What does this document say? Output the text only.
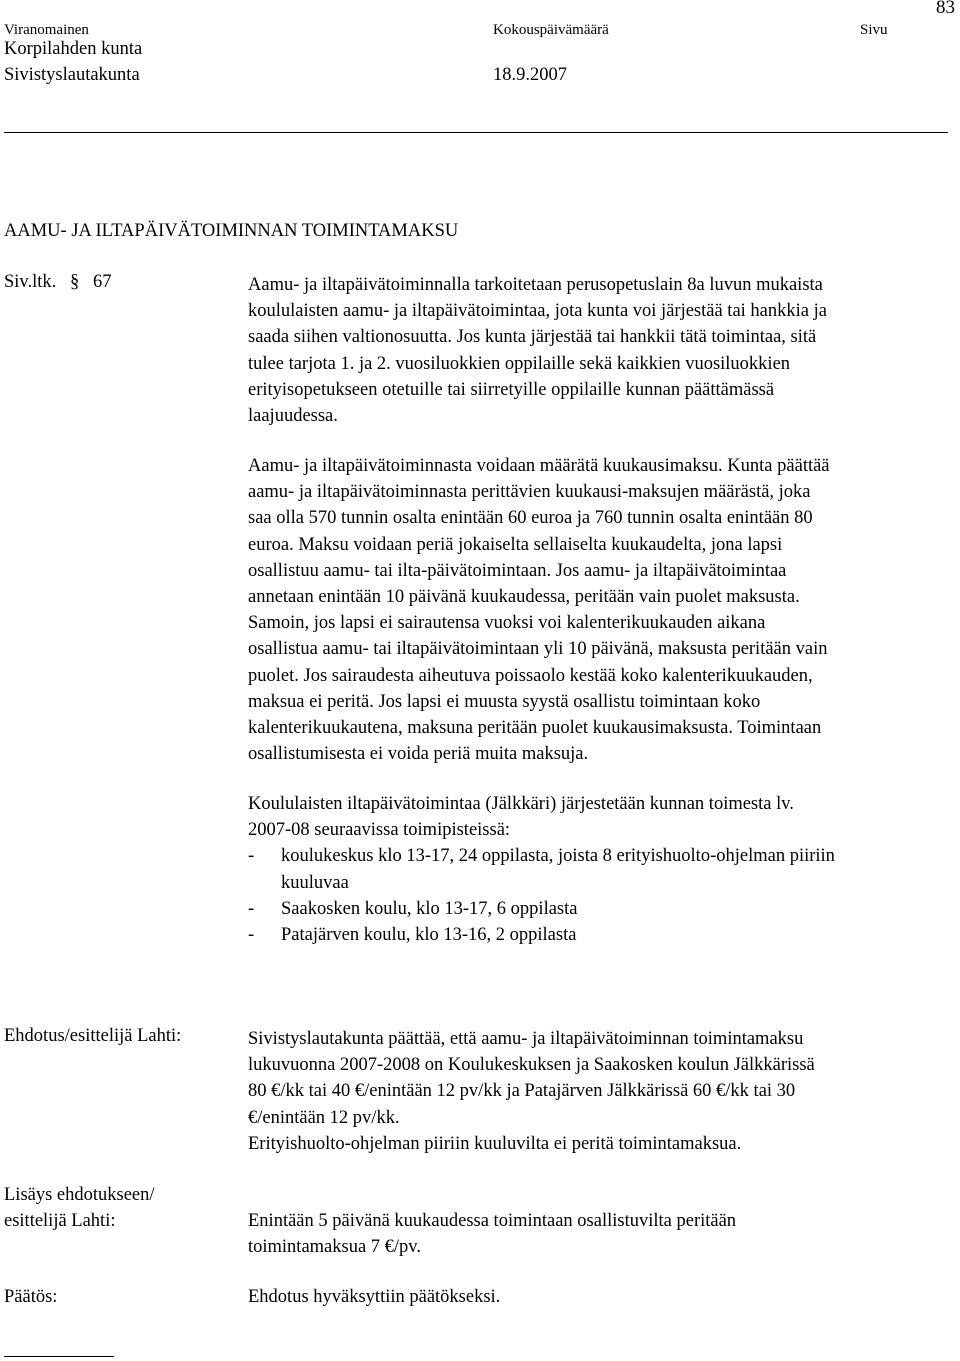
83
Viranomainen	Kokouspäivämäärä	Sivu
Korpilahden kunta
Sivistyslautakunta	18.9.2007
AAMU- JA ILTAPÄIVÄTOIMINNAN TOIMINTAMAKSU
Siv.ltk. § 67	Aamu- ja iltapäivätoiminnalla tarkoitetaan perusopetuslain 8a luvun mukaista
koululaisten aamu- ja iltapäivätoimintaa, jota kunta voi järjestää tai hankkia ja
saada siihen valtionosuutta. Jos kunta järjestää tai hankkii tätä toimintaa, sitä
tulee tarjota 1. ja 2. vuosiluokkien oppilaille sekä kaikkien vuosiluokkien
erityisopetukseen otetuille tai siirretyille oppilaille kunnan päättämässä
laajuudessa.
Aamu- ja iltapäivätoiminnasta voidaan määrätä kuukausimaksu. Kunta päättää
aamu- ja iltapäivätoiminnasta perittävien kuukausi-maksujen määrästä, joka
saa olla 570 tunnin osalta enintään 60 euroa ja 760 tunnin osalta enintään 80
euroa. Maksu voidaan periä jokaiselta sellaiselta kuukaudelta, jona lapsi
osallistuu aamu- tai ilta-päivätoimintaan. Jos aamu- ja iltapäivätoimintaa
annetaan enintään 10 päivänä kuukaudessa, peritään vain puolet maksusta.
Samoin, jos lapsi ei sairautensa vuoksi voi kalenterikuukauden aikana
osallistua aamu- tai iltapäivätoimintaan yli 10 päivänä, maksusta peritään vain
puolet. Jos sairaudesta aiheutuva poissaolo kestää koko kalenterikuukauden,
maksua ei peritä. Jos lapsi ei muusta syystä osallistu toimintaan koko
kalenterikuukautena, maksuna peritään puolet kuukausimaksusta. Toimintaan
osallistumisesta ei voida periä muita maksuja.
Koululaisten iltapäivätoimintaa (Jälkkäri) järjestetään kunnan toimesta lv.
2007-08 seuraavissa toimipisteissä:
- koulukeskus klo 13-17, 24 oppilasta, joista 8 erityishuolto-ohjelman piiriin
kuuluvaa
- Saakosken koulu, klo 13-17, 6 oppilasta
- Patajärven koulu, klo 13-16, 2 oppilasta
Ehdotus/esittelijä Lahti:	Sivistyslautakunta päättää, että aamu- ja iltapäivätoiminnan toimintamaksu
lukuvuonna 2007-2008 on Koulukeskuksen ja Saakosken koulun Jälkkärissä
80 €/kk tai 40 €/enintään 12 pv/kk ja Patajärven Jälkkärissä 60 €/kk tai 30
€/enintään 12 pv/kk.
Erityishuolto-ohjelman piiriin kuuluvilta ei peritä toimintamaksua.
Lisäys ehdotukseen/
esittelijä Lahti:	Enintään 5 päivänä kuukaudessa toimintaan osallistuvilta peritään
toimintamaksua 7 €/pv.
Päätös:	Ehdotus hyväksyttiin päätökseksi.
